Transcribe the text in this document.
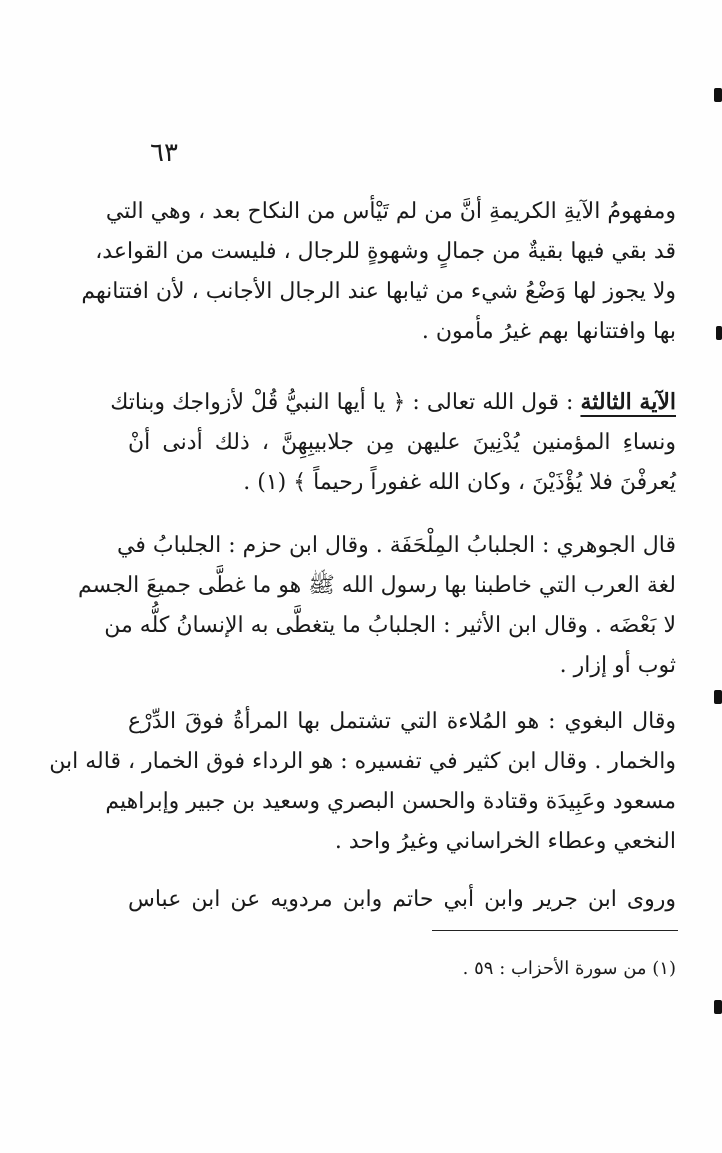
٦٣
ومفهومُ الآيةِ الكريمةِ أنَّ من لم تَيْأس من النكاح بعد ، وهي التي
قد بقي فيها بقيةٌ من جمالٍ وشهوةٍ للرجال ، فليست من القواعد،
ولا يجوز لها وَضْعُ شيء من ثيابها عند الرجال الأجانب ، لأن افتتانهم
بها وافتتانها بهم غيرُ مأمون .
الآية الثالثة : قول الله تعالى : ﴿ يا أيها النبيُّ قُلْ لأزواجك وبناتك
ونساءِ المؤمنين يُدْنِينَ عليهن مِن جلابيبِهِنَّ ، ذلك أدنى أنْ
يُعرفْنَ فلا يُؤْذَيْنَ ، وكان الله غفوراً رحيماً ﴾ (١) .
قال الجوهري : الجلبابُ المِلْحَفَة . وقال ابن حزم : الجلبابُ في
لغة العرب التي خاطبنا بها رسول الله ﷺ هو ما غطَّى جميعَ الجسم
لا بَعْضَه . وقال ابن الأثير : الجلبابُ ما يتغطَّى به الإنسانُ كلُّه من
ثوب أو إزار .
وقال البغوي : هو المُلاءة التي تشتمل بها المرأةُ فوقَ الدِّرْع
والخمار . وقال ابن كثير في تفسيره : هو الرداء فوق الخمار ، قاله ابن
مسعود وعَبِيدَة وقتادة والحسن البصري وسعيد بن جبير وإبراهيم
النخعي وعطاء الخراساني وغيرُ واحد .
وروى ابن جرير وابن أبي حاتم وابن مردويه عن ابن عباس
(١) من سورة الأحزاب : ٥٩ .
